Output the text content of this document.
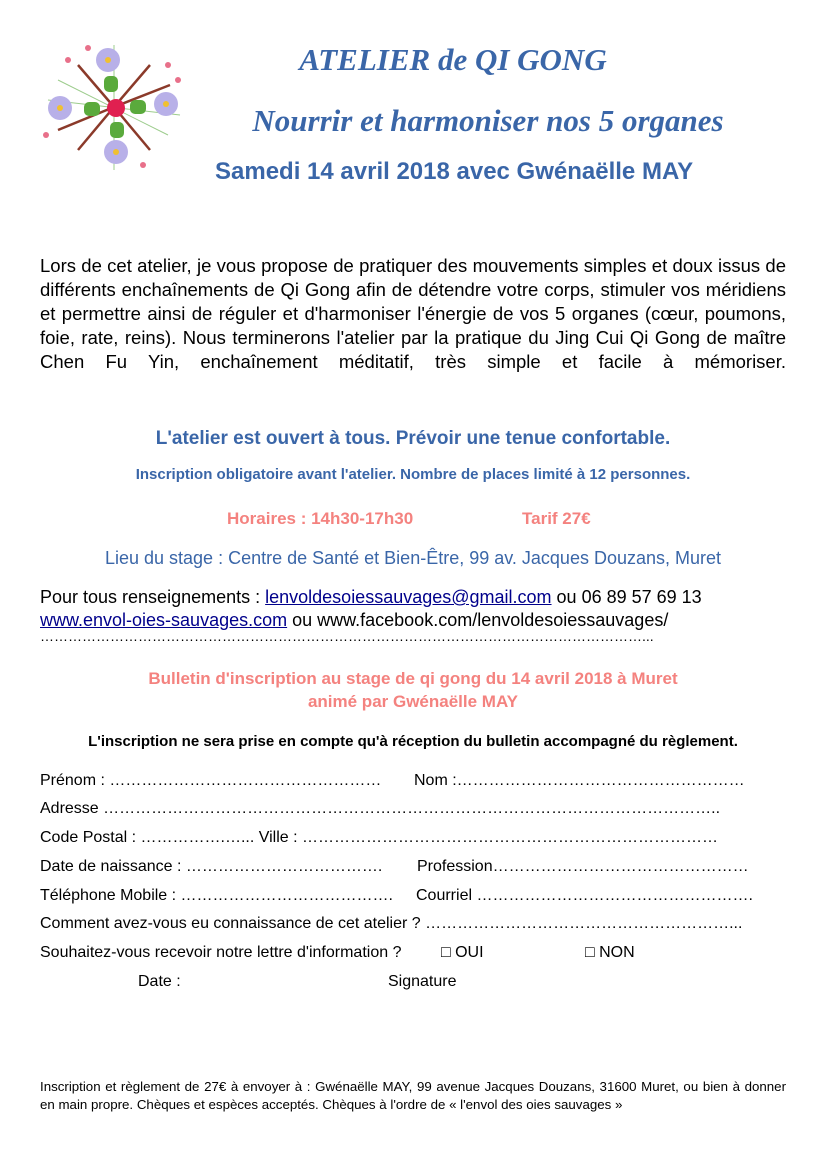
ATELIER de QI GONG
Nourrir et harmoniser nos 5 organes
Samedi 14 avril 2018 avec Gwénaëlle MAY
Lors de cet atelier, je vous propose de pratiquer des mouvements simples et doux issus de différents enchaînements de Qi Gong afin de détendre votre corps, stimuler vos méridiens et permettre ainsi de réguler et d'harmoniser l'énergie de vos 5 organes (cœur, poumons, foie, rate, reins). Nous terminerons l'atelier par la pratique du Jing Cui Qi Gong de maître Chen Fu Yin, enchaînement méditatif, très simple et facile à mémoriser.
L'atelier est ouvert à tous. Prévoir une tenue confortable.
Inscription obligatoire avant l'atelier. Nombre de places limité à 12 personnes.
Horaires : 14h30-17h30	Tarif 27€
Lieu du stage : Centre de Santé et Bien-Être, 99 av. Jacques Douzans, Muret
Pour tous renseignements : lenvoldesoiessauvages@gmail.com ou 06 89 57 69 13
www.envol-oies-sauvages.com ou www.facebook.com/lenvoldesoiessauvages/
…………………………………………………………………………………………………………………...
Bulletin d'inscription au stage de qi gong du 14 avril 2018 à Muret
animé par Gwénaëlle MAY
L'inscription ne sera prise en compte qu'à réception du bulletin accompagné du règlement.
Prénom : …………………………………………… Nom :………………………………………………
Adresse ……………………………………………………………………………………………………..
Code Postal : …………….…... Ville : ……………………………………………………………………
Date de naissance : ………………………………. Profession…………………………………………
Téléphone Mobile : …………………………………. Courriel …………………………………………….
Comment avez-vous eu connaissance de cet atelier ? …………………………………………………...
Souhaitez-vous recevoir notre lettre d'information ? □ OUI	□ NON
Date :	Signature
Inscription et règlement de 27€ à envoyer à : Gwénaëlle MAY, 99 avenue Jacques Douzans, 31600 Muret, ou bien à donner en main propre. Chèques et espèces acceptés. Chèques à l'ordre de « l'envol des oies sauvages »
